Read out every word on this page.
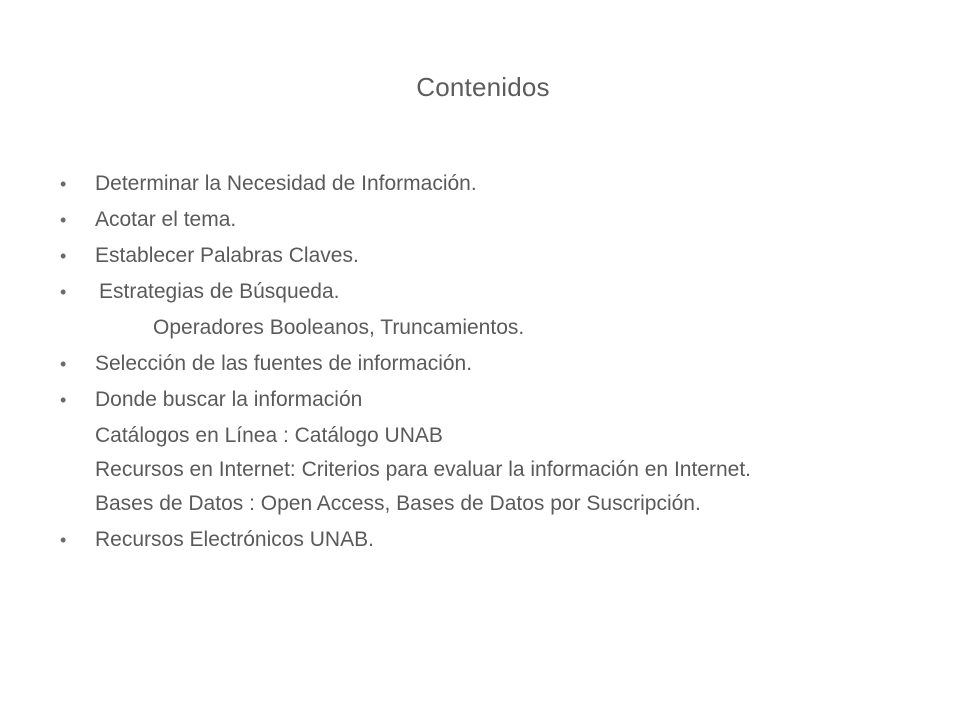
Contenidos
•	Determinar la Necesidad de Información.
•	Acotar el tema.
•	Establecer Palabras Claves.
•	Estrategias de Búsqueda.
Operadores Booleanos, Truncamientos.
•	Selección de las fuentes de información.
•	Donde buscar la información
Catálogos en Línea : Catálogo UNAB
Recursos en Internet: Criterios para evaluar la información en Internet.
Bases de Datos : Open Access, Bases de Datos por Suscripción.
•	Recursos Electrónicos UNAB.
